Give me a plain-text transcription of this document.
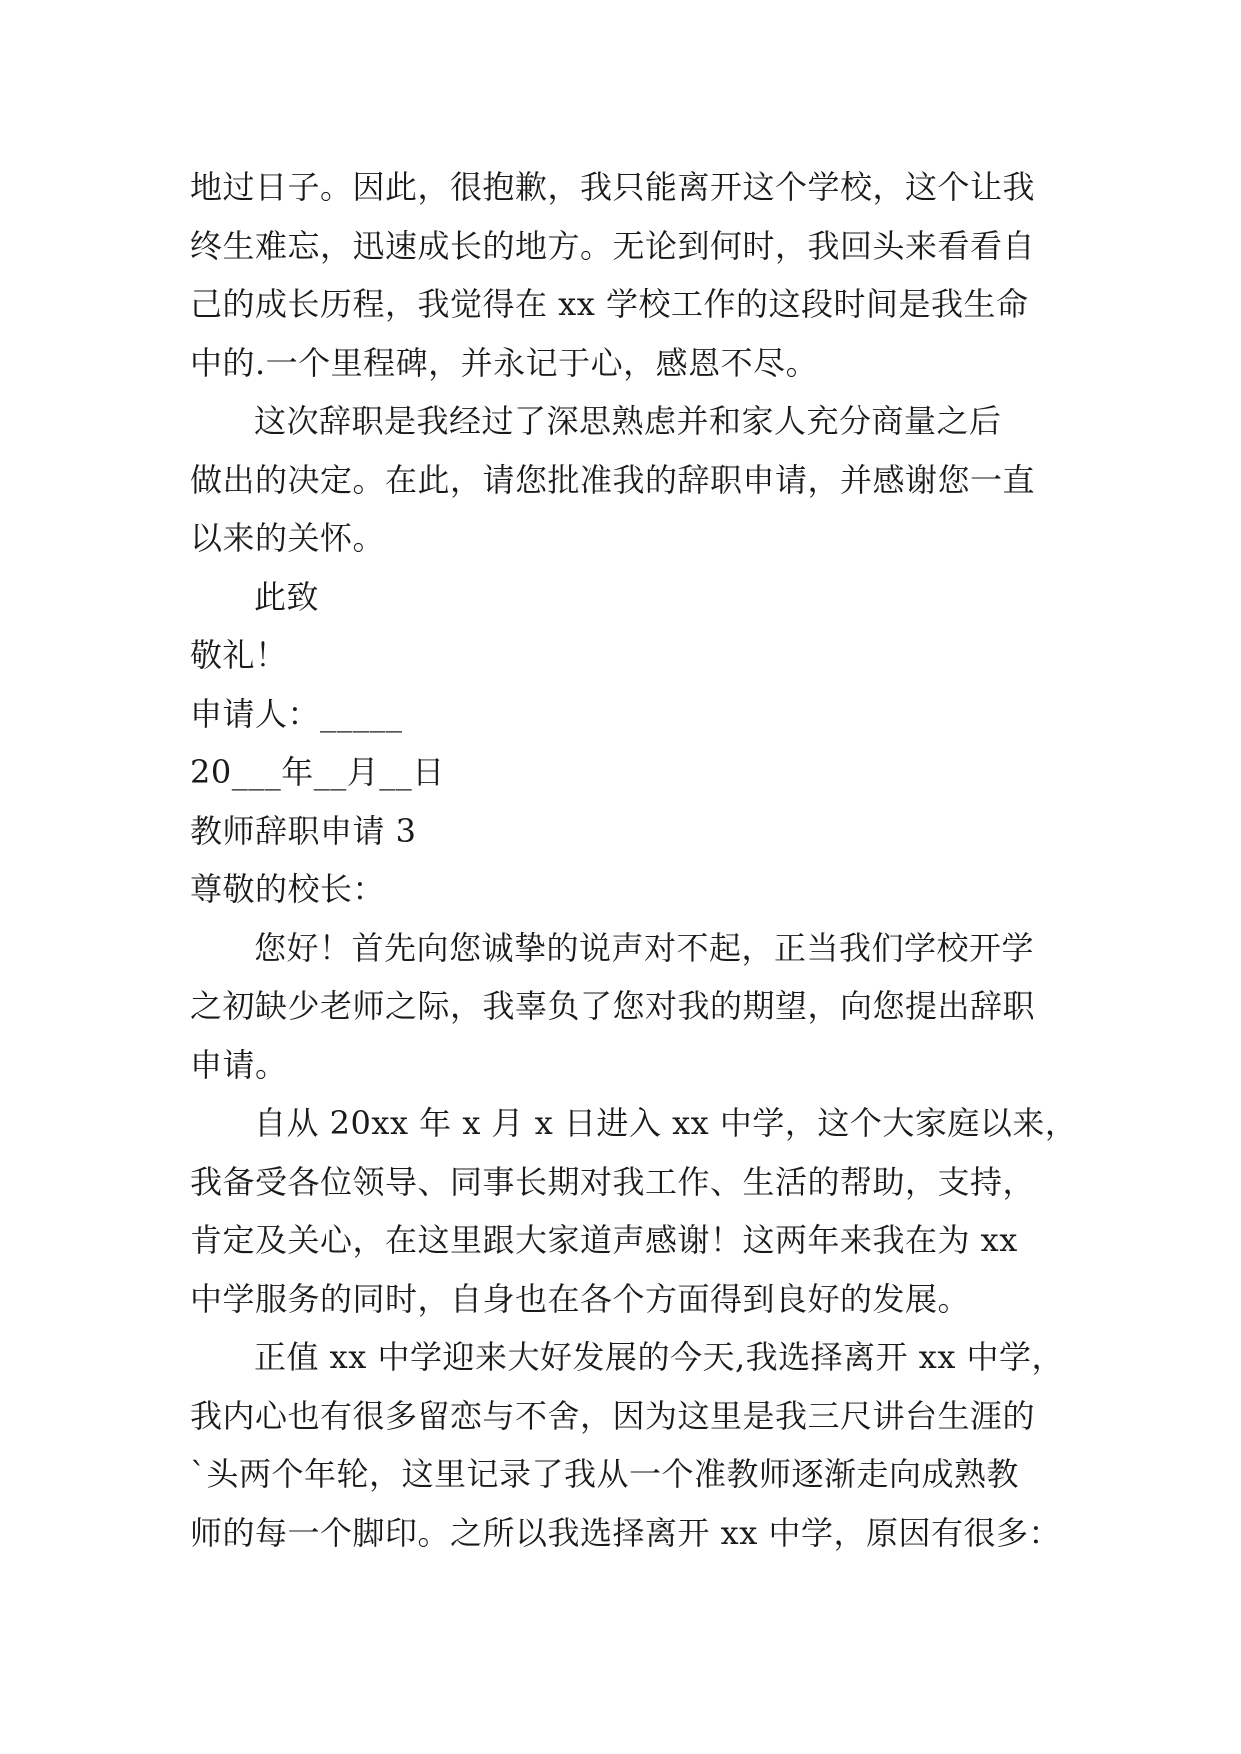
地过日子。因此，很抱歉，我只能离开这个学校，这个让我
终生难忘，迅速成长的地方。无论到何时，我回头来看看自
己的成长历程，我觉得在 xx 学校工作的这段时间是我生命
中的.一个里程碑，并永记于心，感恩不尽。
这次辞职是我经过了深思熟虑并和家人充分商量之后
做出的决定。在此，请您批准我的辞职申请，并感谢您一直
以来的关怀。
此致
敬礼！
申请人：_____
20___年__月__日
教师辞职申请 3
尊敬的校长：
您好！首先向您诚挚的说声对不起，正当我们学校开学
之初缺少老师之际，我辜负了您对我的期望，向您提出辞职
申请。
自从 20xx 年 x 月 x 日进入 xx 中学，这个大家庭以来，
我备受各位领导、同事长期对我工作、生活的帮助，支持，
肯定及关心，在这里跟大家道声感谢！这两年来我在为 xx
中学服务的同时，自身也在各个方面得到良好的发展。
正值 xx 中学迎来大好发展的今天,我选择离开 xx 中学，
我内心也有很多留恋与不舍，因为这里是我三尺讲台生涯的
`头两个年轮，这里记录了我从一个准教师逐渐走向成熟教
师的每一个脚印。之所以我选择离开 xx 中学，原因有很多：
